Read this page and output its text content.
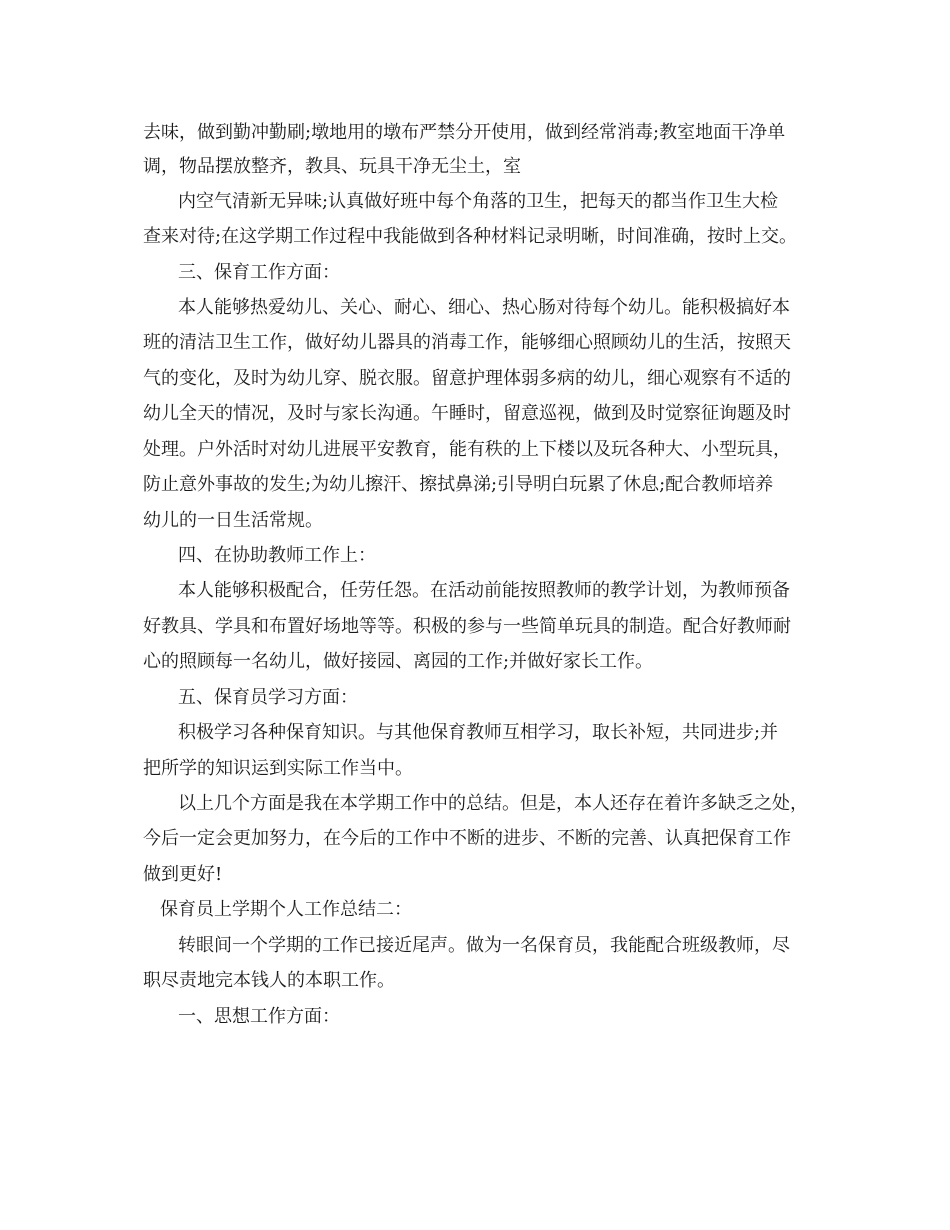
去味，做到勤冲勤刷;墩地用的墩布严禁分开使用，做到经常消毒;教室地面干净单

调，物品摆放整齐，教具、玩具干净无尘土，室

内空气清新无异味;认真做好班中每个角落的卫生，把每天的都当作卫生大检

查来对待;在这学期工作过程中我能做到各种材料记录明晰，时间准确，按时上交。

三、保育工作方面：

本人能够热爱幼儿、关心、耐心、细心、热心肠对待每个幼儿。能积极搞好本

班的清洁卫生工作，做好幼儿器具的消毒工作，能够细心照顾幼儿的生活，按照天

气的变化，及时为幼儿穿、脱衣服。留意护理体弱多病的幼儿，细心观察有不适的

幼儿全天的情况，及时与家长沟通。午睡时，留意巡视，做到及时觉察征询题及时

处理。户外活时对幼儿进展平安教育，能有秩的上下楼以及玩各种大、小型玩具，

防止意外事故的发生;为幼儿擦汗、擦拭鼻涕;引导明白玩累了休息;配合教师培养

幼儿的一日生活常规。

四、在协助教师工作上：

本人能够积极配合，任劳任怨。在活动前能按照教师的教学计划，为教师预备

好教具、学具和布置好场地等等。积极的参与一些简单玩具的制造。配合好教师耐

心的照顾每一名幼儿，做好接园、离园的工作;并做好家长工作。

五、保育员学习方面：

积极学习各种保育知识。与其他保育教师互相学习，取长补短，共同进步;并

把所学的知识运到实际工作当中。

以上几个方面是我在本学期工作中的总结。但是，本人还存在着许多缺乏之处，

今后一定会更加努力，在今后的工作中不断的进步、不断的完善、认真把保育工作

做到更好!

保育员上学期个人工作总结二：

转眼间一个学期的工作已接近尾声。做为一名保育员，我能配合班级教师，尽

职尽责地完本钱人的本职工作。

一、思想工作方面：
